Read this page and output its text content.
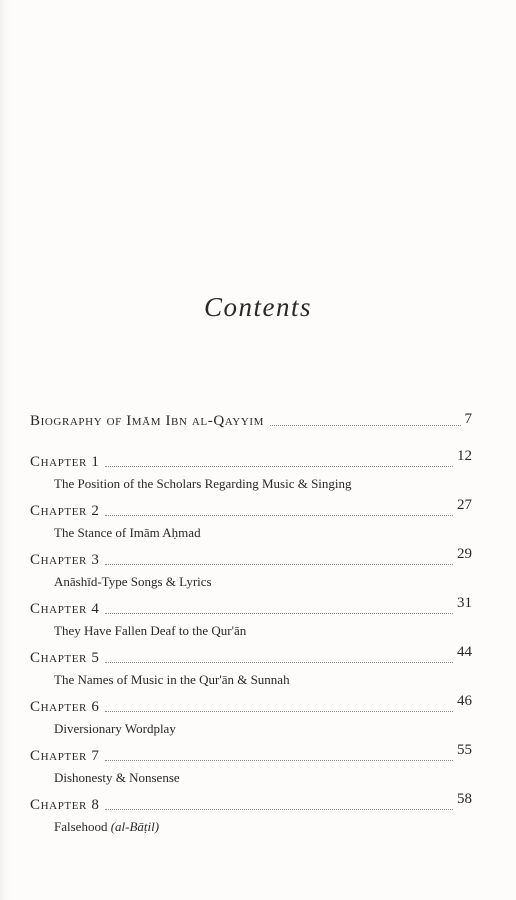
Contents
Biography of Imām Ibn al-Qayyim	7
Chapter 1	12
The Position of the Scholars Regarding Music & Singing
Chapter 2	27
The Stance of Imām Aḥmad
Chapter 3	29
Anāshīd-Type Songs & Lyrics
Chapter 4	31
They Have Fallen Deaf to the Qur'ān
Chapter 5	44
The Names of Music in the Qur'ān & Sunnah
Chapter 6	46
Diversionary Wordplay
Chapter 7	55
Dishonesty & Nonsense
Chapter 8	58
Falsehood (al-Bāṭil)
